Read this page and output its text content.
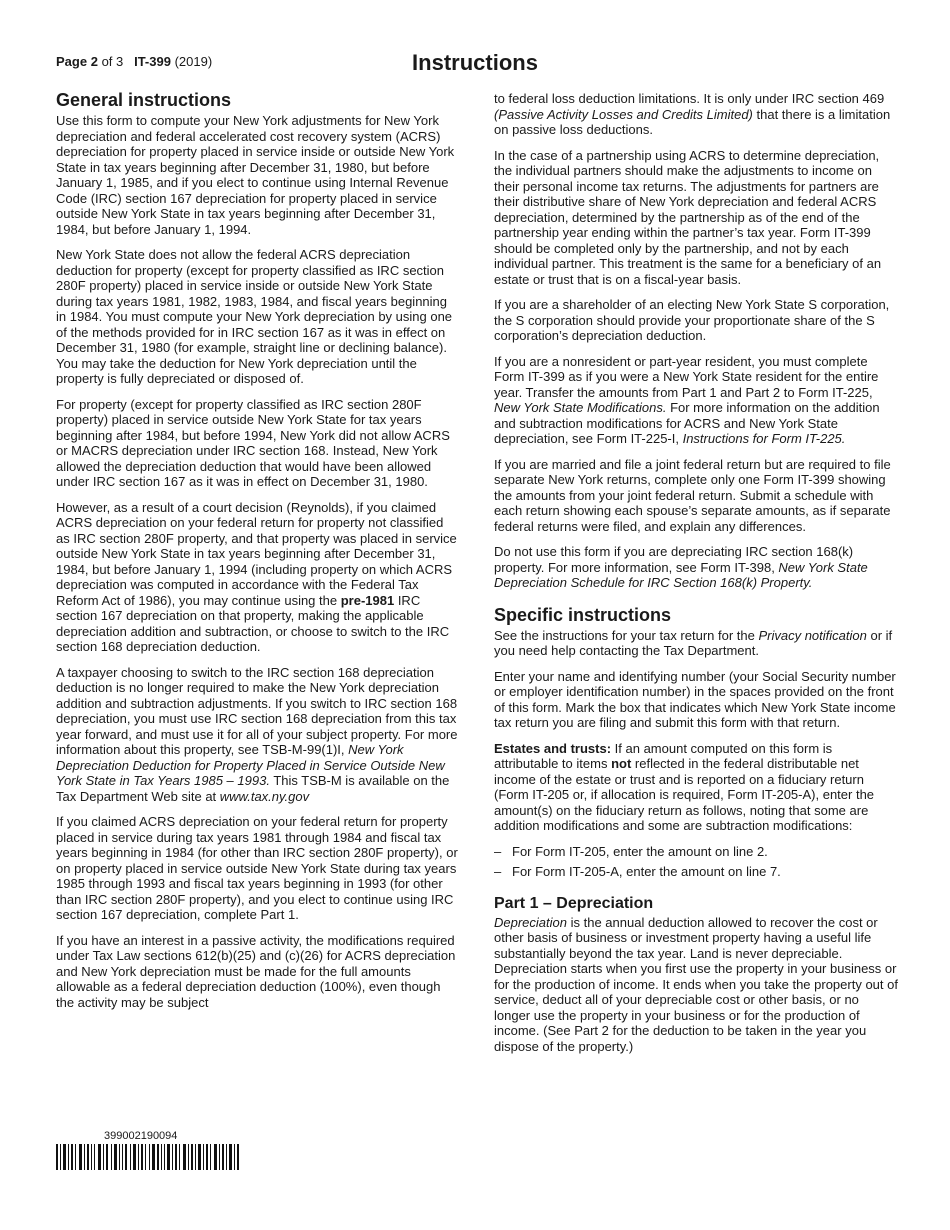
Page 2 of 3 IT-399 (2019)	Instructions
General instructions

Use this form to compute your New York adjustments for New York depreciation and federal accelerated cost recovery system (ACRS) depreciation for property placed in service inside or outside New York State in tax years beginning after December 31, 1980, but before January 1, 1985, and if you elect to continue using Internal Revenue Code (IRC) section 167 depreciation for property placed in service outside New York State in tax years beginning after December 31, 1984, but before January 1, 1994.

New York State does not allow the federal ACRS depreciation deduction for property (except for property classified as IRC section 280F property) placed in service inside or outside New York State during tax years 1981, 1982, 1983, 1984, and fiscal years beginning in 1984. You must compute your New York depreciation by using one of the methods provided for in IRC section 167 as it was in effect on December 31, 1980 (for example, straight line or declining balance). You may take the deduction for New York depreciation until the property is fully depreciated or disposed of.

For property (except for property classified as IRC section 280F property) placed in service outside New York State for tax years beginning after 1984, but before 1994, New York did not allow ACRS or MACRS depreciation under IRC section 168. Instead, New York allowed the depreciation deduction that would have been allowed under IRC section 167 as it was in effect on December 31, 1980.

However, as a result of a court decision (Reynolds), if you claimed ACRS depreciation on your federal return for property not classified as IRC section 280F property, and that property was placed in service outside New York State in tax years beginning after December 31, 1984, but before January 1, 1994 (including property on which ACRS depreciation was computed in accordance with the Federal Tax Reform Act of 1986), you may continue using the pre-1981 IRC section 167 depreciation on that property, making the applicable depreciation addition and subtraction, or choose to switch to the IRC section 168 depreciation deduction.

A taxpayer choosing to switch to the IRC section 168 depreciation deduction is no longer required to make the New York depreciation addition and subtraction adjustments. If you switch to IRC section 168 depreciation, you must use IRC section 168 depreciation from this tax year forward, and must use it for all of your subject property. For more information about this property, see TSB-M-99(1)I, New York Depreciation Deduction for Property Placed in Service Outside New York State in Tax Years 1985 – 1993. This TSB-M is available on the Tax Department Web site at www.tax.ny.gov

If you claimed ACRS depreciation on your federal return for property placed in service during tax years 1981 through 1984 and fiscal tax years beginning in 1984 (for other than IRC section 280F property), or on property placed in service outside New York State during tax years 1985 through 1993 and fiscal tax years beginning in 1993 (for other than IRC section 280F property), and you elect to continue using IRC section 167 depreciation, complete Part 1.

If you have an interest in a passive activity, the modifications required under Tax Law sections 612(b)(25) and (c)(26) for ACRS depreciation and New York depreciation must be made for the full amounts allowable as a federal depreciation deduction (100%), even though the activity may be subject

to federal loss deduction limitations. It is only under IRC section 469 (Passive Activity Losses and Credits Limited) that there is a limitation on passive loss deductions.

In the case of a partnership using ACRS to determine depreciation, the individual partners should make the adjustments to income on their personal income tax returns. The adjustments for partners are their distributive share of New York depreciation and federal ACRS depreciation, determined by the partnership as of the end of the partnership year ending within the partner’s tax year. Form IT-399 should be completed only by the partnership, and not by each individual partner. This treatment is the same for a beneficiary of an estate or trust that is on a fiscal-year basis.

If you are a shareholder of an electing New York State S corporation, the S corporation should provide your proportionate share of the S corporation’s depreciation deduction.

If you are a nonresident or part-year resident, you must complete Form IT-399 as if you were a New York State resident for the entire year. Transfer the amounts from Part 1 and Part 2 to Form IT-225, New York State Modifications. For more information on the addition and subtraction modifications for ACRS and New York State depreciation, see Form IT-225-I, Instructions for Form IT-225.

If you are married and file a joint federal return but are required to file separate New York returns, complete only one Form IT-399 showing the amounts from your joint federal return. Submit a schedule with each return showing each spouse’s separate amounts, as if separate federal returns were filed, and explain any differences.

Do not use this form if you are depreciating IRC section 168(k) property. For more information, see Form IT-398, New York State Depreciation Schedule for IRC Section 168(k) Property.

Specific instructions

See the instructions for your tax return for the Privacy notification or if you need help contacting the Tax Department.

Enter your name and identifying number (your Social Security number or employer identification number) in the spaces provided on the front of this form. Mark the box that indicates which New York State income tax return you are filing and submit this form with that return.

Estates and trusts: If an amount computed on this form is attributable to items not reflected in the federal distributable net income of the estate or trust and is reported on a fiduciary return (Form IT-205 or, if allocation is required, Form IT-205-A), enter the amount(s) on the fiduciary return as follows, noting that some are addition modifications and some are subtraction modifications:

– For Form IT-205, enter the amount on line 2.
– For Form IT-205-A, enter the amount on line 7.
Part 1 – Depreciation

Depreciation is the annual deduction allowed to recover the cost or other basis of business or investment property having a useful life substantially beyond the tax year. Land is never depreciable. Depreciation starts when you first use the property in your business or for the production of income. It ends when you take the property out of service, deduct all of your depreciable cost or other basis, or no longer use the property in your business or for the production of income. (See Part 2 for the deduction to be taken in the year you dispose of the property.)

399002190094
